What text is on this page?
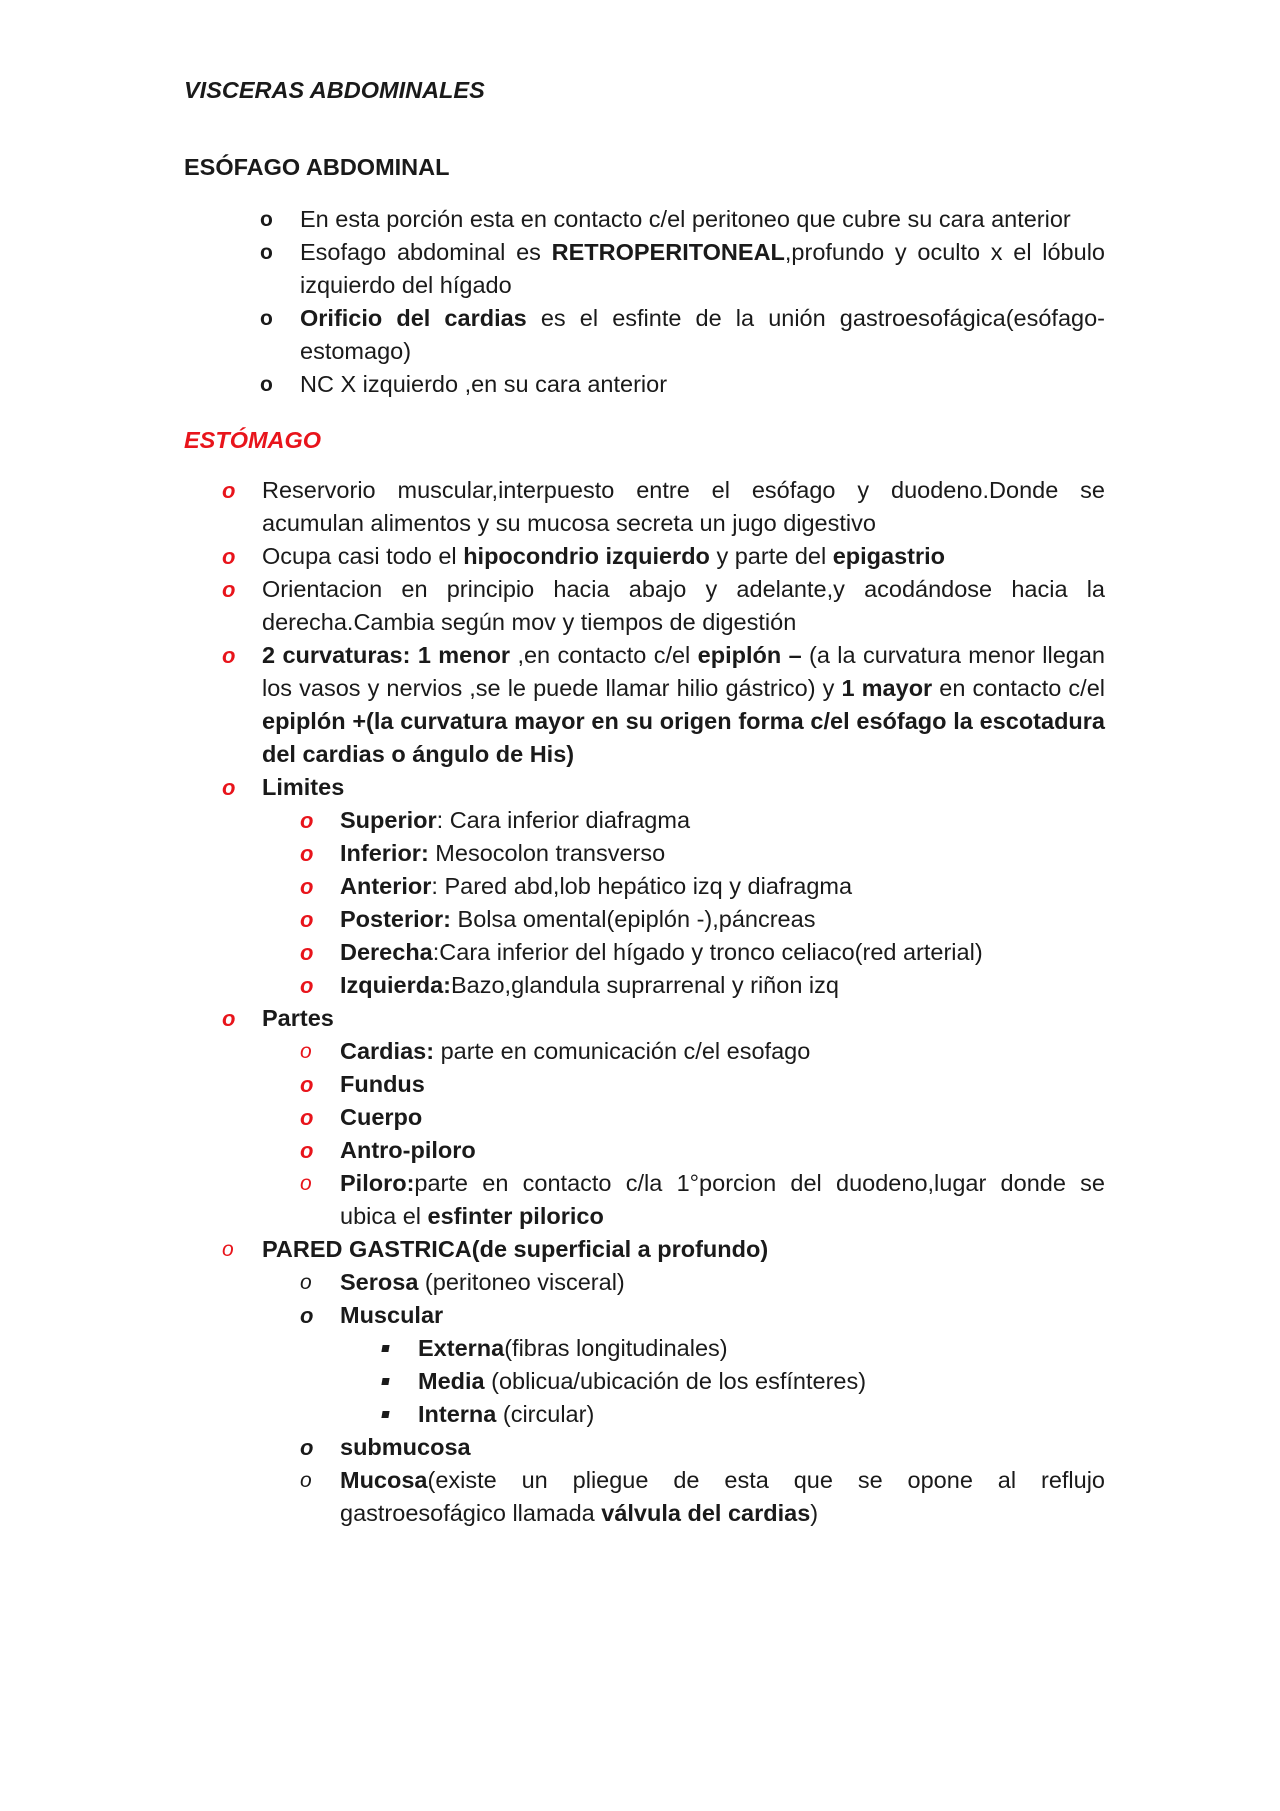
VISCERAS ABDOMINALES
ESÓFAGO ABDOMINAL
o	En esta porción esta en contacto c/el peritoneo que cubre su cara anterior
o	Esofago abdominal es RETROPERITONEAL,profundo y oculto x el lóbulo izquierdo del hígado
o	Orificio del cardias es el esfinte de la unión gastroesofágica(esófago-estomago)
o	NC X izquierdo ,en su cara anterior
ESTÓMAGO
o	Reservorio muscular,interpuesto entre el esófago y duodeno.Donde se acumulan alimentos y su mucosa secreta un jugo digestivo
o	Ocupa casi todo el hipocondrio izquierdo y parte del epigastrio
o	Orientacion en principio hacia abajo y adelante,y acodándose hacia la derecha.Cambia según mov y tiempos de digestión
o	2 curvaturas: 1 menor ,en contacto c/el epiplón – (a la curvatura menor llegan los vasos y nervios ,se le puede llamar hilio gástrico) y 1 mayor en contacto c/el epiplón +(la curvatura mayor en su origen forma c/el esófago la escotadura del cardias o ángulo de His)
o	Limites
o	Superior: Cara inferior diafragma
o	Inferior: Mesocolon transverso
o	Anterior: Pared abd,lob hepático izq y diafragma
o	Posterior: Bolsa omental(epiplón -),páncreas
o	Derecha:Cara inferior del hígado y tronco celiaco(red arterial)
o	Izquierda:Bazo,glandula suprarrenal y riñon izq
o	Partes
o	Cardias: parte en comunicación c/el esofago
o	Fundus
o	Cuerpo
o	Antro-piloro
o	Piloro:parte en contacto c/la 1°porcion del duodeno,lugar donde se ubica el esfinter pilorico
o	PARED GASTRICA(de superficial a profundo)
o	Serosa (peritoneo visceral)
o	Muscular
Externa(fibras longitudinales)
Media (oblicua/ubicación de los esfínteres)
Interna (circular)
o	submucosa
o	Mucosa(existe un pliegue de esta que se opone al reflujo gastroesofágico llamada válvula del cardias)
